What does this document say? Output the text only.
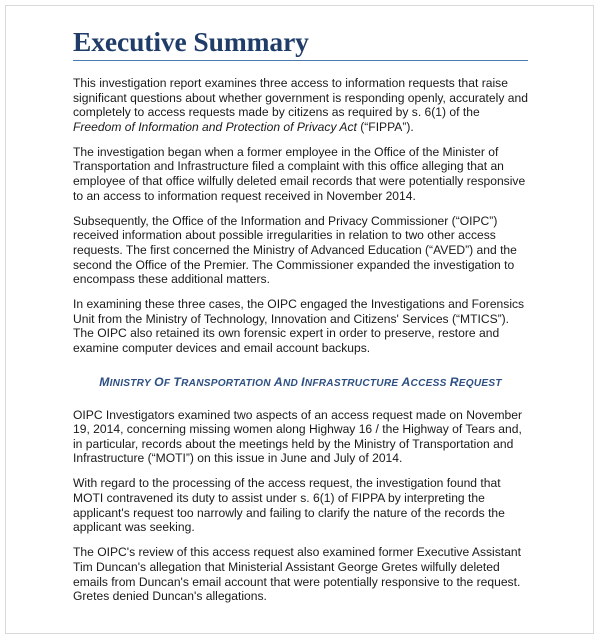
Executive Summary

This investigation report examines three access to information requests that raise significant questions about whether government is responding openly, accurately and completely to access requests made by citizens as required by s. 6(1) of the Freedom of Information and Protection of Privacy Act (“FIPPA”).

The investigation began when a former employee in the Office of the Minister of Transportation and Infrastructure filed a complaint with this office alleging that an employee of that office wilfully deleted email records that were potentially responsive to an access to information request received in November 2014.

Subsequently, the Office of the Information and Privacy Commissioner (“OIPC”) received information about possible irregularities in relation to two other access requests. The first concerned the Ministry of Advanced Education (“AVED”) and the second the Office of the Premier. The Commissioner expanded the investigation to encompass these additional matters.

In examining these three cases, the OIPC engaged the Investigations and Forensics Unit from the Ministry of Technology, Innovation and Citizens' Services (“MTICS”). The OIPC also retained its own forensic expert in order to preserve, restore and examine computer devices and email account backups.

MINISTRY OF TRANSPORTATION AND INFRASTRUCTURE ACCESS REQUEST

OIPC Investigators examined two aspects of an access request made on November 19, 2014, concerning missing women along Highway 16 / the Highway of Tears and, in particular, records about the meetings held by the Ministry of Transportation and Infrastructure (“MOTI”) on this issue in June and July of 2014.

With regard to the processing of the access request, the investigation found that MOTI contravened its duty to assist under s. 6(1) of FIPPA by interpreting the applicant's request too narrowly and failing to clarify the nature of the records the applicant was seeking.

The OIPC's review of this access request also examined former Executive Assistant Tim Duncan's allegation that Ministerial Assistant George Gretes wilfully deleted emails from Duncan's email account that were potentially responsive to the request. Gretes denied Duncan's allegations.
